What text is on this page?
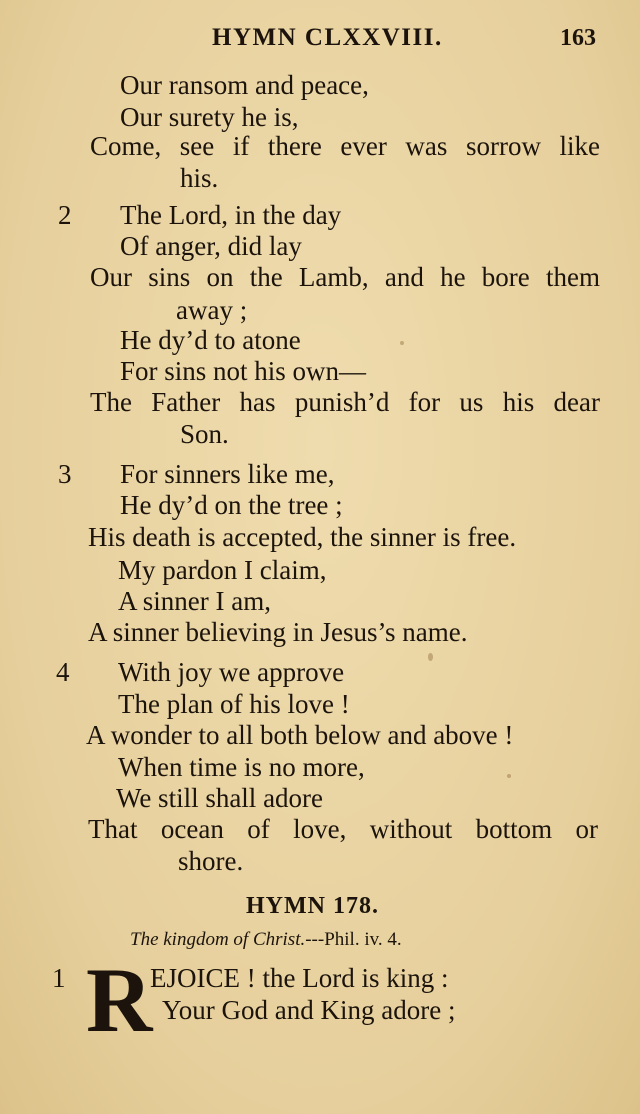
HYMN CLXXVIII.	163
Our ransom and peace,
Our surety he is,
Come, see if there ever was sorrow like
his.
2 The Lord, in the day
Of anger, did lay
Our sins on the Lamb, and he bore them
away ;
He dy’d to atone
For sins not his own—
The Father has punish’d for us his dear
Son.
3 For sinners like me,
He dy’d on the tree ;
His death is accepted, the sinner is free.
My pardon I claim,
A sinner I am,
A sinner believing in Jesus’s name.
4 With joy we approve
The plan of his love !
A wonder to all both below and above !
When time is no more,
We still shall adore
That ocean of love, without bottom or
shore.
HYMN 178.
The kingdom of Christ.---Phil. iv. 4.
1 R
EJOICE ! the Lord is king :
Your God and King adore ;
